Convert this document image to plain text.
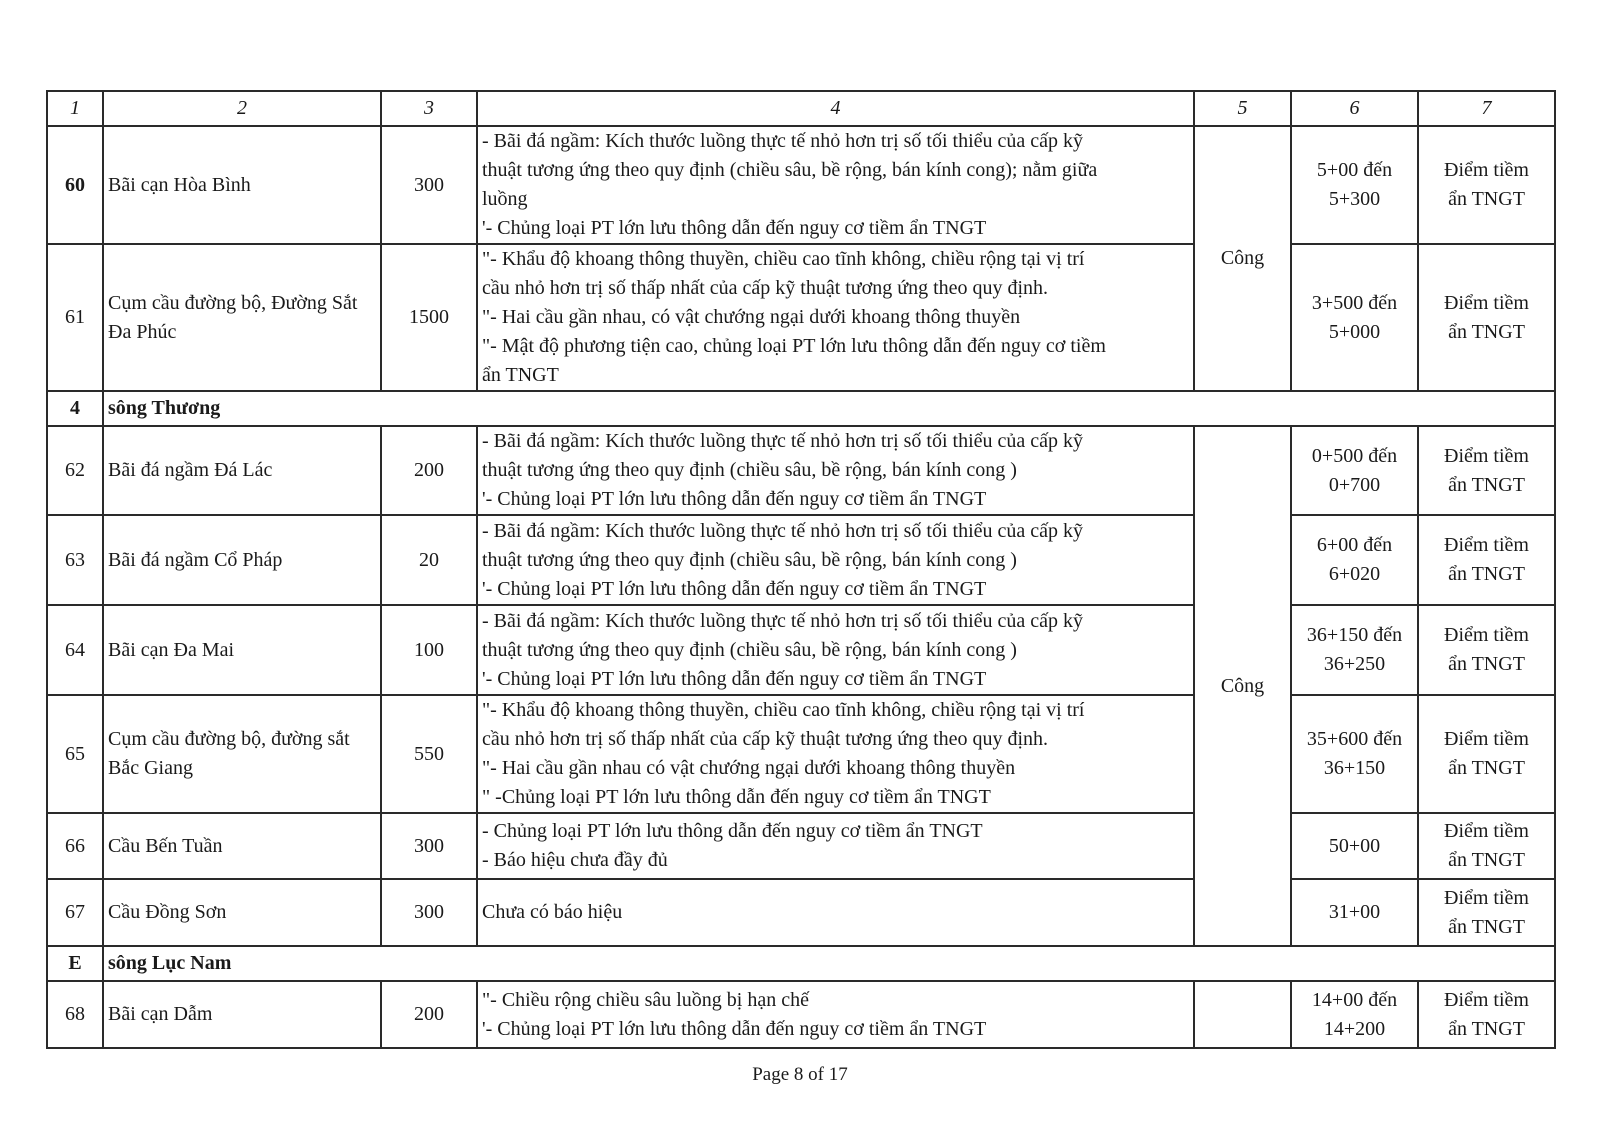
1	2	3	4	5	6	7
60	Bãi cạn Hòa Bình	300	- Bãi đá ngầm: Kích thước luồng thực tế nhỏ hơn trị số tối thiểu của cấp kỹ
thuật tương ứng theo quy định (chiều sâu, bề rộng, bán kính cong); nằm giữa
luồng
'- Chủng loại PT lớn lưu thông dẫn đến nguy cơ tiềm ẩn TNGT	Công	5+00 đến
5+300	Điểm tiềm
ẩn TNGT

61	Cụm cầu đường bộ, Đường Sắt Đa Phúc	1500	"- Khẩu độ khoang thông thuyền, chiều cao tĩnh không, chiều rộng tại vị trí
cầu nhỏ hơn trị số thấp nhất của cấp kỹ thuật tương ứng theo quy định.
"- Hai cầu gần nhau, có vật chướng ngại dưới khoang thông thuyền
"- Mật độ phương tiện cao, chủng loại PT lớn lưu thông dẫn đến nguy cơ tiềm
ẩn TNGT		3+500 đến
5+000	Điểm tiềm
ẩn TNGT

4	sông Thương					
62	Bãi đá ngầm Đá Lác	200	- Bãi đá ngầm: Kích thước luồng thực tế nhỏ hơn trị số tối thiểu của cấp kỹ
thuật tương ứng theo quy định (chiều sâu, bề rộng, bán kính cong )
'- Chủng loại PT lớn lưu thông dẫn đến nguy cơ tiềm ẩn TNGT	Công	0+500 đến
0+700	Điểm tiềm
ẩn TNGT

63	Bãi đá ngầm Cổ Pháp	20	- Bãi đá ngầm: Kích thước luồng thực tế nhỏ hơn trị số tối thiểu của cấp kỹ
thuật tương ứng theo quy định (chiều sâu, bề rộng, bán kính cong )
'- Chủng loại PT lớn lưu thông dẫn đến nguy cơ tiềm ẩn TNGT		6+00 đến
6+020	Điểm tiềm
ẩn TNGT

64	Bãi cạn Đa Mai	100	- Bãi đá ngầm: Kích thước luồng thực tế nhỏ hơn trị số tối thiểu của cấp kỹ
thuật tương ứng theo quy định (chiều sâu, bề rộng, bán kính cong )
'- Chủng loại PT lớn lưu thông dẫn đến nguy cơ tiềm ẩn TNGT		36+150 đến
36+250	Điểm tiềm
ẩn TNGT

65	Cụm cầu đường bộ, đường sắt Bắc Giang	550	"- Khẩu độ khoang thông thuyền, chiều cao tĩnh không, chiều rộng tại vị trí
cầu nhỏ hơn trị số thấp nhất của cấp kỹ thuật tương ứng theo quy định.
"- Hai cầu gần nhau có vật chướng ngại dưới khoang thông thuyền
" -Chủng loại PT lớn lưu thông dẫn đến nguy cơ tiềm ẩn TNGT		35+600 đến
36+150	Điểm tiềm
ẩn TNGT

66	Cầu Bến Tuần	300	- Chủng loại PT lớn lưu thông dẫn đến nguy cơ tiềm ẩn TNGT
- Báo hiệu chưa đầy đủ		50+00	Điểm tiềm
ẩn TNGT

67	Cầu Đồng Sơn	300	Chưa có báo hiệu		31+00	Điểm tiềm
ẩn TNGT

E	sông Lục Nam					
68	Bãi cạn Dẫm	200	"- Chiều rộng chiều sâu luồng bị hạn chế
'- Chủng loại PT lớn lưu thông dẫn đến nguy cơ tiềm ẩn TNGT		14+00 đến
14+200	Điểm tiềm
ẩn TNGT
Page 8 of 17
